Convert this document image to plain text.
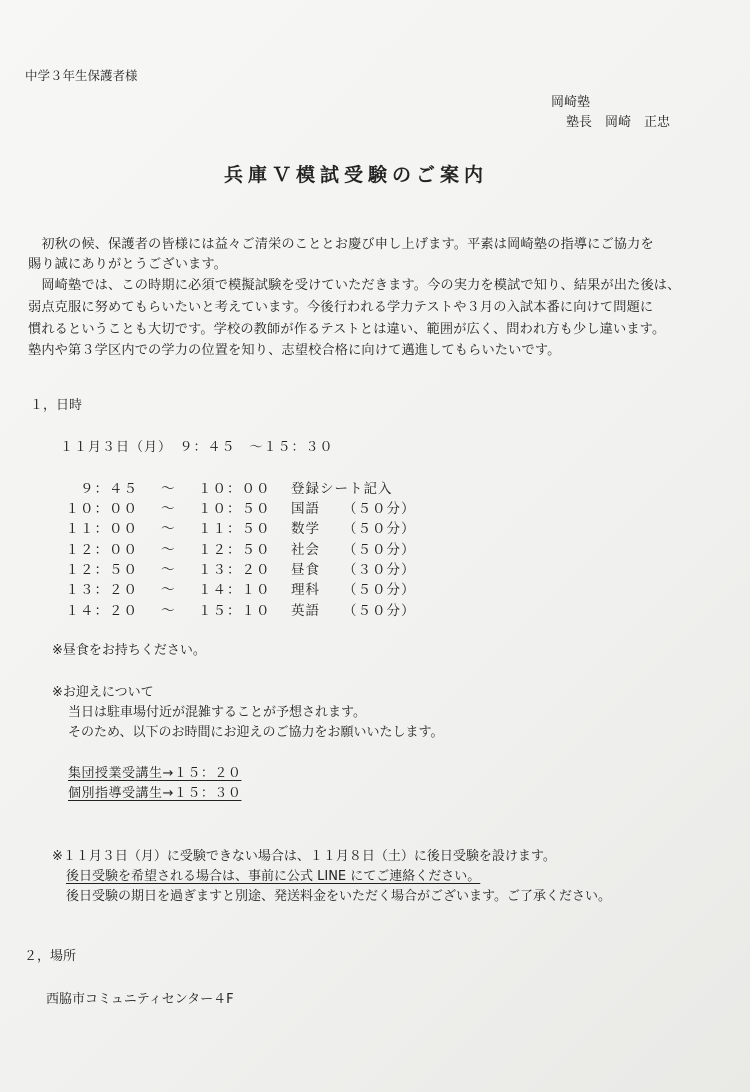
中学３年生保護者様
岡崎塾
塾長　岡崎　正忠
兵庫Ｖ模試受験のご案内
　初秋の候、保護者の皆様には益々ご清栄のこととお慶び申し上げます。平素は岡崎塾の指導にご協力を
賜り誠にありがとうございます。
　岡崎塾では、この時期に必須で模擬試験を受けていただきます。今の実力を模試で知り、結果が出た後は、
弱点克服に努めてもらいたいと考えています。今後行われる学力テストや３月の入試本番に向けて問題に
慣れるということも大切です。学校の教師が作るテストとは違い、範囲が広く、問われ方も少し違います。
塾内や第３学区内での学力の位置を知り、志望校合格に向けて邁進してもらいたいです。
１，日時
１１月３日（月）　９：４５　～１５：３０
９：４５ ～ １０：００ 登録シート記入
１０：００ ～ １０：５０ 国語 （５０分）
１１：００ ～ １１：５０ 数学 （５０分）
１２：００ ～ １２：５０ 社会 （５０分）
１２：５０ ～ １３：２０ 昼食 （３０分）
１３：２０ ～ １４：１０ 理科 （５０分）
１４：２０ ～ １５：１０ 英語 （５０分）
※昼食をお持ちください。
※お迎えについて
当日は駐車場付近が混雑することが予想されます。
そのため、以下のお時間にお迎えのご協力をお願いいたします。
集団授業受講生→１５：２０
個別指導受講生→１５：３０
※１１月３日（月）に受験できない場合は、１１月８日（土）に後日受験を設けます。
後日受験を希望される場合は、事前に公式 LINE にてご連絡ください。
後日受験の期日を過ぎますと別途、発送料金をいただく場合がございます。ご了承ください。
２，場所
西脇市コミュニティセンター４F
